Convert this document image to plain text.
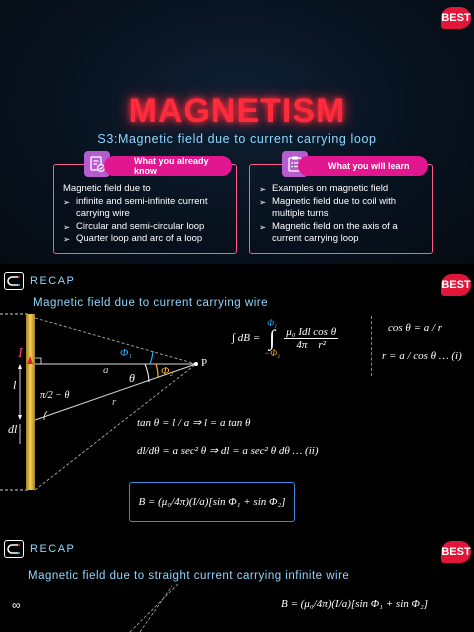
BEST
MAGNETISM
S3:Magnetic field due to current carrying loop
What you already know
Magnetic field due to
➢ infinite and semi-infinite current carrying wire
➢ Circular and semi-circular loop
➢ Quarter loop and arc of a loop
What you will learn
➢ Examples on magnetic field
➢ Magnetic field due to coil with multiple turns
➢ Magnetic field on the axis of a current carrying loop
RECAP	BEST
Magnetic field due to current carrying wire
I
l
dl
π/2 − θ
a
r
θ
Φ₁
Φ₂
P
∫ dB =
Φ₁
∫
−Φ₂
$\frac{\text{μ₀ Idl cos θ}}{\text{4π r²}}$	cos θ = a / r
r = a / cos θ … (i)
tan θ = l / a ⇒ l = a tan θ
dl/dθ = a sec² θ ⇒ dl = a sec² θ dθ … (ii)
B = (μ₀/4π)(I/a)[sin Φ₁ + sin Φ₂]
RECAP	BEST
Magnetic field due to straight current carrying infinite wire
∞	B = (μ₀/4π)(I/a)[sin Φ₁ + sin Φ₂]
